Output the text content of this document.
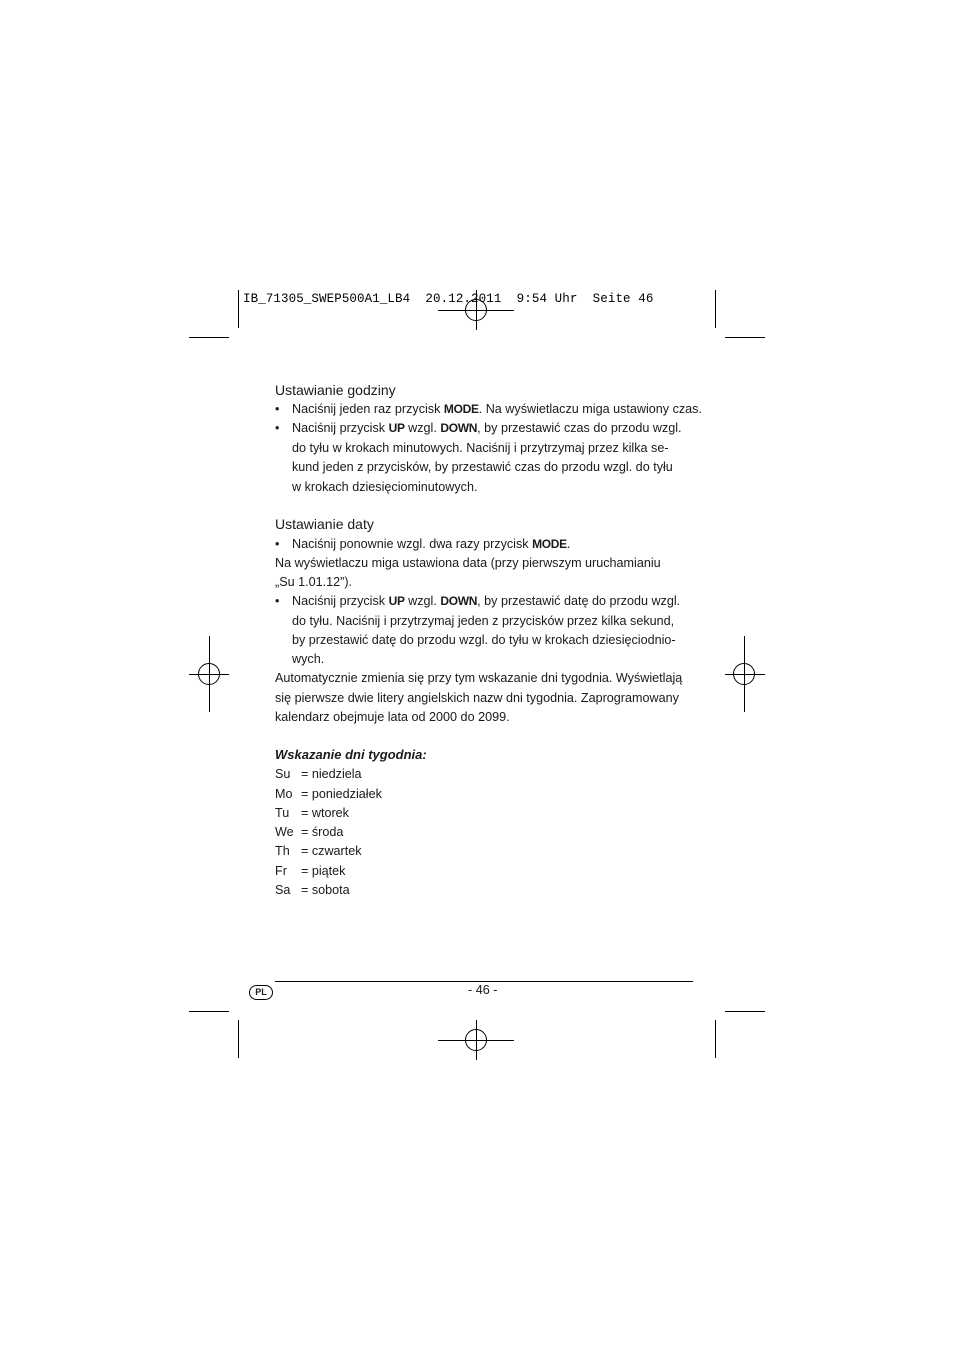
IB_71305_SWEP500A1_LB4  20.12.2011  9:54 Uhr  Seite 46
Ustawianie godziny
• Naciśnij jeden raz przycisk MODE. Na wyświetlaczu miga ustawiony czas.
• Naciśnij przycisk UP wzgl. DOWN, by przestawić czas do przodu wzgl.
do tyłu w krokach minutowych. Naciśnij i przytrzymaj przez kilka se-
kund jeden z przycisków, by przestawić czas do przodu wzgl. do tyłu
w krokach dziesięciominutowych.
Ustawianie daty
• Naciśnij ponownie wzgl. dwa razy przycisk MODE.
Na wyświetlaczu miga ustawiona data (przy pierwszym uruchamianiu
„Su 1.01.12”).
• Naciśnij przycisk UP wzgl. DOWN, by przestawić datę do przodu wzgl.
do tyłu. Naciśnij i przytrzymaj jeden z przycisków przez kilka sekund,
by przestawić datę do przodu wzgl. do tyłu w krokach dziesięciodnio-
wych.
Automatycznie zmienia się przy tym wskazanie dni tygodnia. Wyświetlają
się pierwsze dwie litery angielskich nazw dni tygodnia. Zaprogramowany
kalendarz obejmuje lata od 2000 do 2099.
Wskazanie dni tygodnia:
Su = niedziela
Mo = poniedziałek
Tu = wtorek
We = środa
Th = czwartek
Fr = piątek
Sa = sobota
PL	- 46 -
